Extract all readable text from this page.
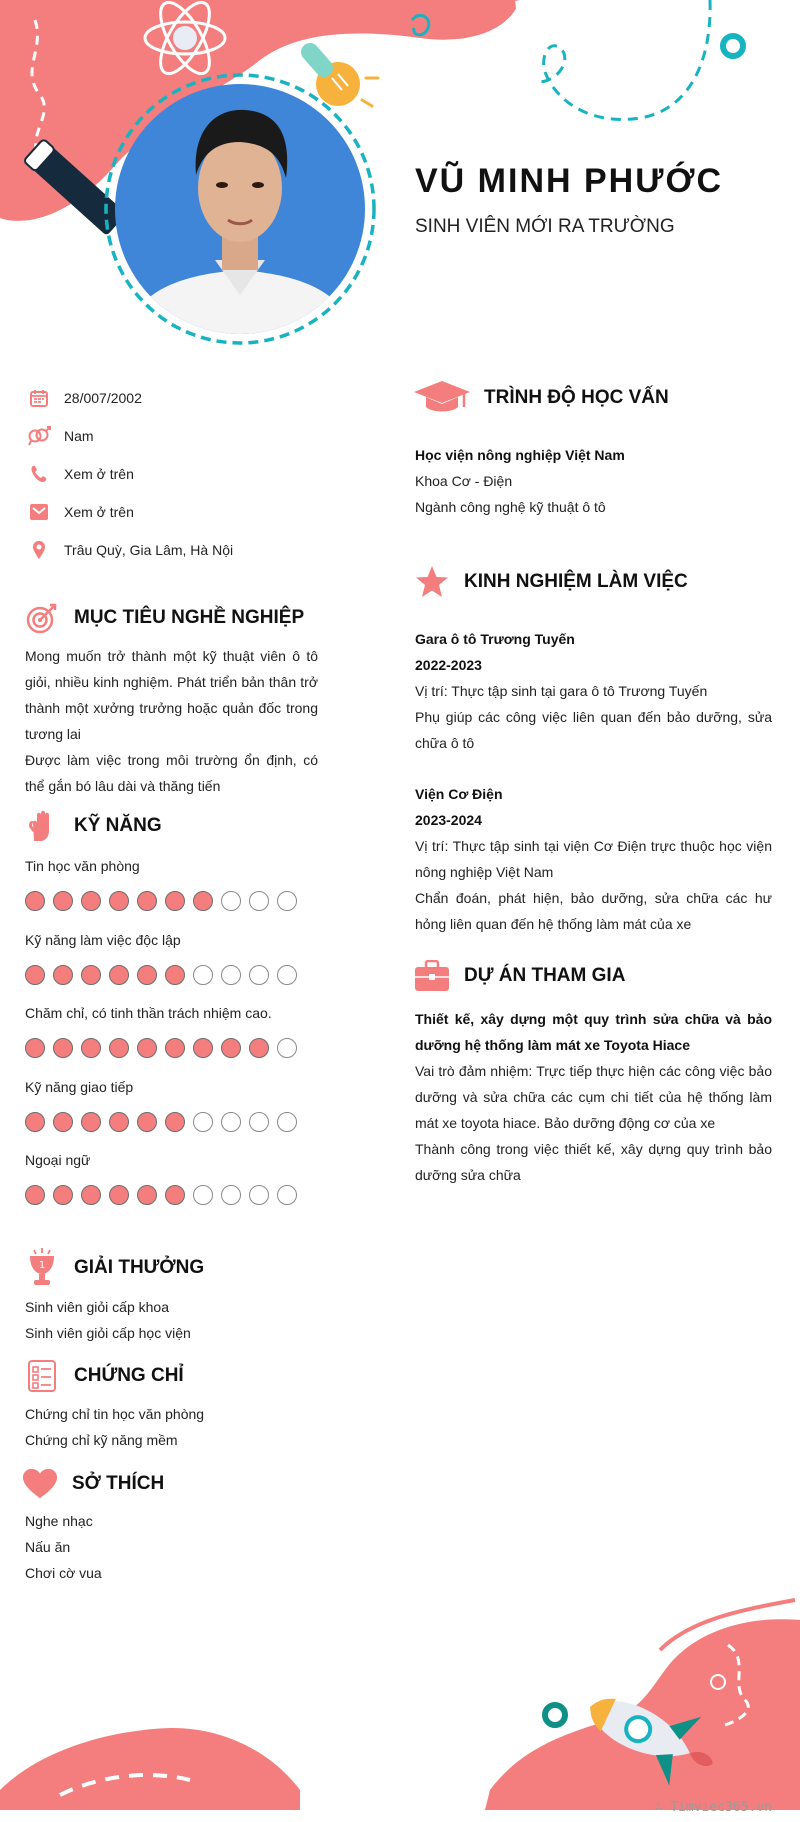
VŨ MINH PHƯỚC
SINH VIÊN MỚI RA TRƯỜNG
28/007/2002
Nam
Xem ở trên
Xem ở trên
Trâu Quỳ, Gia Lâm, Hà Nội
MỤC TIÊU NGHỀ NGHIỆP
Mong muốn trở thành một kỹ thuật viên ô tô giỏi, nhiều kinh nghiệm. Phát triển bản thân trở thành một xưởng trưởng hoặc quản đốc trong tương lai
Được làm việc trong môi trường ổn định, có thể gắn bó lâu dài và thăng tiến
KỸ NĂNG
Tin học văn phòng
Kỹ năng làm việc độc lập
Chăm chỉ, có tinh thần trách nhiệm cao.
Kỹ năng giao tiếp
Ngoại ngữ
1 GIẢI THƯỞNG
Sinh viên giỏi cấp khoa
Sinh viên giỏi cấp học viện
CHỨNG CHỈ
Chứng chỉ tin học văn phòng
Chứng chỉ kỹ năng mềm
SỞ THÍCH
Nghe nhạc
Nấu ăn
Chơi cờ vua
TRÌNH ĐỘ HỌC VẤN
Học viện nông nghiệp Việt Nam
Khoa Cơ - Điện
Ngành công nghệ kỹ thuật ô tô
KINH NGHIỆM LÀM VIỆC
Gara ô tô Trương Tuyến
2022-2023
Vị trí: Thực tập sinh tại gara ô tô Trương Tuyến
Phụ giúp các công việc liên quan đến bảo dưỡng, sửa chữa ô tô
Viện Cơ Điện
2023-2024
Vị trí: Thực tập sinh tại viện Cơ Điện trực thuộc học viện nông nghiệp Việt Nam
Chẩn đoán, phát hiện, bảo dưỡng, sửa chữa các hư hỏng liên quan đến hệ thống làm mát của xe
DỰ ÁN THAM GIA
Thiết kế, xây dựng một quy trình sửa chữa và bảo dưỡng hệ thống làm mát xe Toyota Hiace
Vai trò đảm nhiệm: Trực tiếp thực hiện các công việc bảo dưỡng và sửa chữa các cụm chi tiết của hệ thống làm mát xe toyota hiace. Bảo dưỡng động cơ của xe
Thành công trong việc thiết kế, xây dựng quy trình bảo dưỡng sửa chữa
∴ Timviec365.vn
